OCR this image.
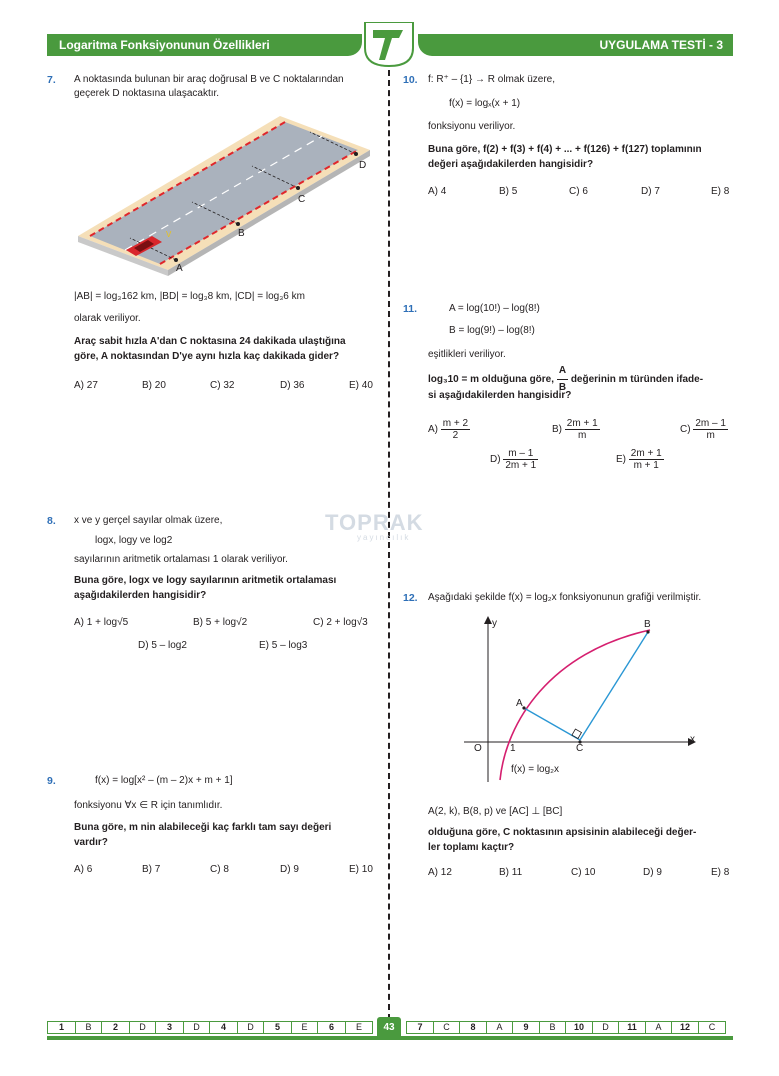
Logaritma Fonksiyonunun Özellikleri	UYGULAMA TESTİ - 3
TOPRAK
yayıncılık
7. A noktasında bulunan bir araç doğrusal B ve C noktalarından
geçerek D noktasına ulaşacaktır.
A
B
C
D
V
|AB| = log₃162 km, |BD| = log₃8 km, |CD| = log₃6 km
olarak veriliyor.
Araç sabit hızla A'dan C noktasına 24 dakikada ulaştığına
göre, A noktasından D'ye aynı hızla kaç dakikada gider?
A) 27	B) 20	C) 32	D) 36	E) 40
8. x ve y gerçel sayılar olmak üzere,
logx, logy ve log2
sayılarının aritmetik ortalaması 1 olarak veriliyor.
Buna göre, logx ve logy sayılarının aritmetik ortalaması
aşağıdakilerden hangisidir?
A) 1 + log√5	B) 5 + log√2	C) 2 + log√3
D) 5 – log2	E) 5 – log3
9.	f(x) = log[x² – (m – 2)x + m + 1]
fonksiyonu ∀x ∈ R için tanımlıdır.
Buna göre, m nin alabileceği kaç farklı tam sayı değeri
vardır?
A) 6	B) 7	C) 8	D) 9	E) 10
10. f: R⁺ – {1} → R olmak üzere,
f(x) = logₓ(x + 1)
fonksiyonu veriliyor.
Buna göre, f(2) + f(3) + f(4) + ... + f(126) + f(127) toplamının
değeri aşağıdakilerden hangisidir?
A) 4	B) 5	C) 6	D) 7	E) 8
11.	A = log(10!) – log(8!)
B = log(9!) – log(8!)
eşitlikleri veriliyor.
log₃10 = m olduğuna göre, $\frac{A}{B}$ değerinin m türünden ifade-
si aşağıdakilerden hangisidir?
$A) \frac{m + 2}{2}$	$B) \frac{2m + 1}{m}$	$C) \frac{2m - 1}{m}$
$D) \frac{m - 1}{2m + 1}$	$E) \frac{2m + 1}{m + 1}$
12. Aşağıdaki şekilde f(x) = log₂x fonksiyonunun grafiği verilmiştir.
y
x
O	1
A
B
C
f(x) = log₂x
A(2, k), B(8, p) ve [AC] ⊥ [BC]
olduğuna göre, C noktasının apsisinin alabileceği değer-
ler toplamı kaçtır?
A) 12	B) 11	C) 10	D) 9	E) 8
1	B	2	D	3	D	4	D	5	E	6	E	43	7	C	8	A	9	B	10	D	11	A	12	C
